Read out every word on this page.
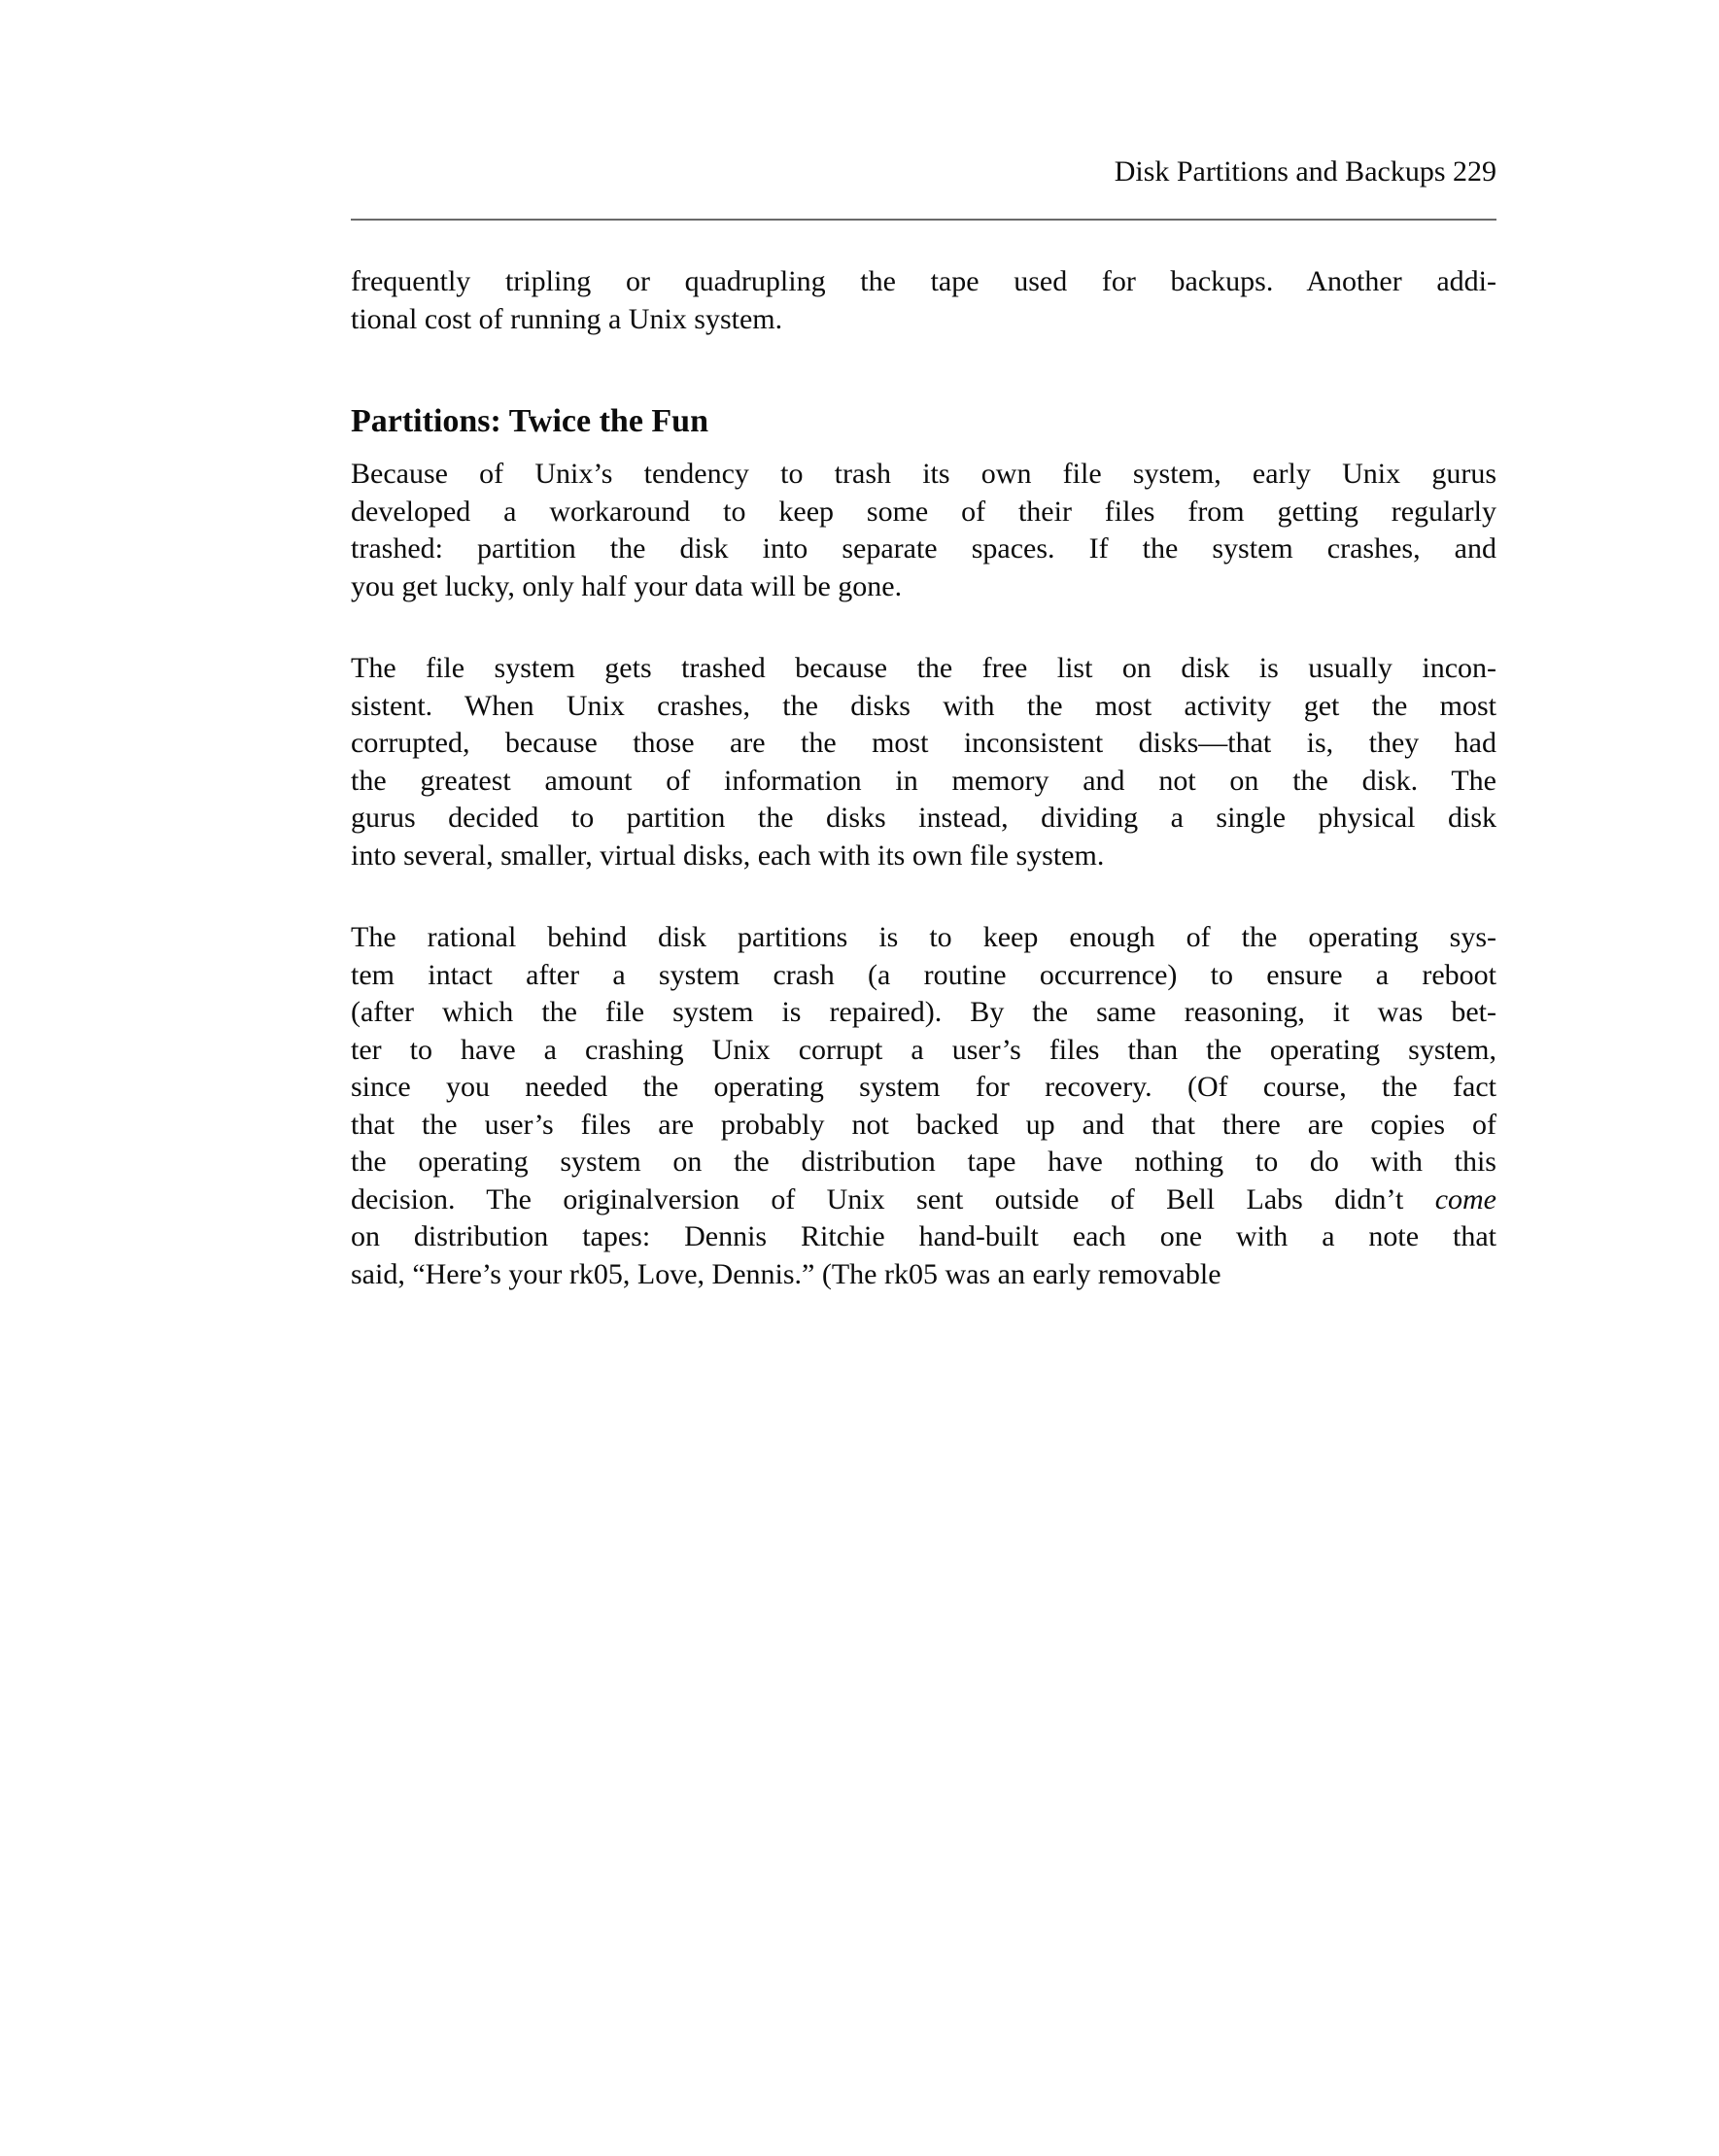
Disk Partitions and Backups 229
frequently tripling or quadrupling the tape used for backups. Another addi-
tional cost of running a Unix system.
Partitions: Twice the Fun
Because of Unix’s tendency to trash its own file system, early Unix gurus
developed a workaround to keep some of their files from getting regularly
trashed: partition the disk into separate spaces. If the system crashes, and
you get lucky, only half your data will be gone.
The file system gets trashed because the free list on disk is usually incon-
sistent. When Unix crashes, the disks with the most activity get the most
corrupted, because those are the most inconsistent disks—that is, they had
the greatest amount of information in memory and not on the disk. The
gurus decided to partition the disks instead, dividing a single physical disk
into several, smaller, virtual disks, each with its own file system.
The rational behind disk partitions is to keep enough of the operating sys-
tem intact after a system crash (a routine occurrence) to ensure a reboot
(after which the file system is repaired). By the same reasoning, it was bet-
ter to have a crashing Unix corrupt a user’s files than the operating system,
since you needed the operating system for recovery. (Of course, the fact
that the user’s files are probably not backed up and that there are copies of
the operating system on the distribution tape have nothing to do with this
decision. The originalversion of Unix sent outside of Bell Labs didn’t come
on distribution tapes: Dennis Ritchie hand-built each one with a note that
said, “Here’s your rk05, Love, Dennis.” (The rk05 was an early removable
